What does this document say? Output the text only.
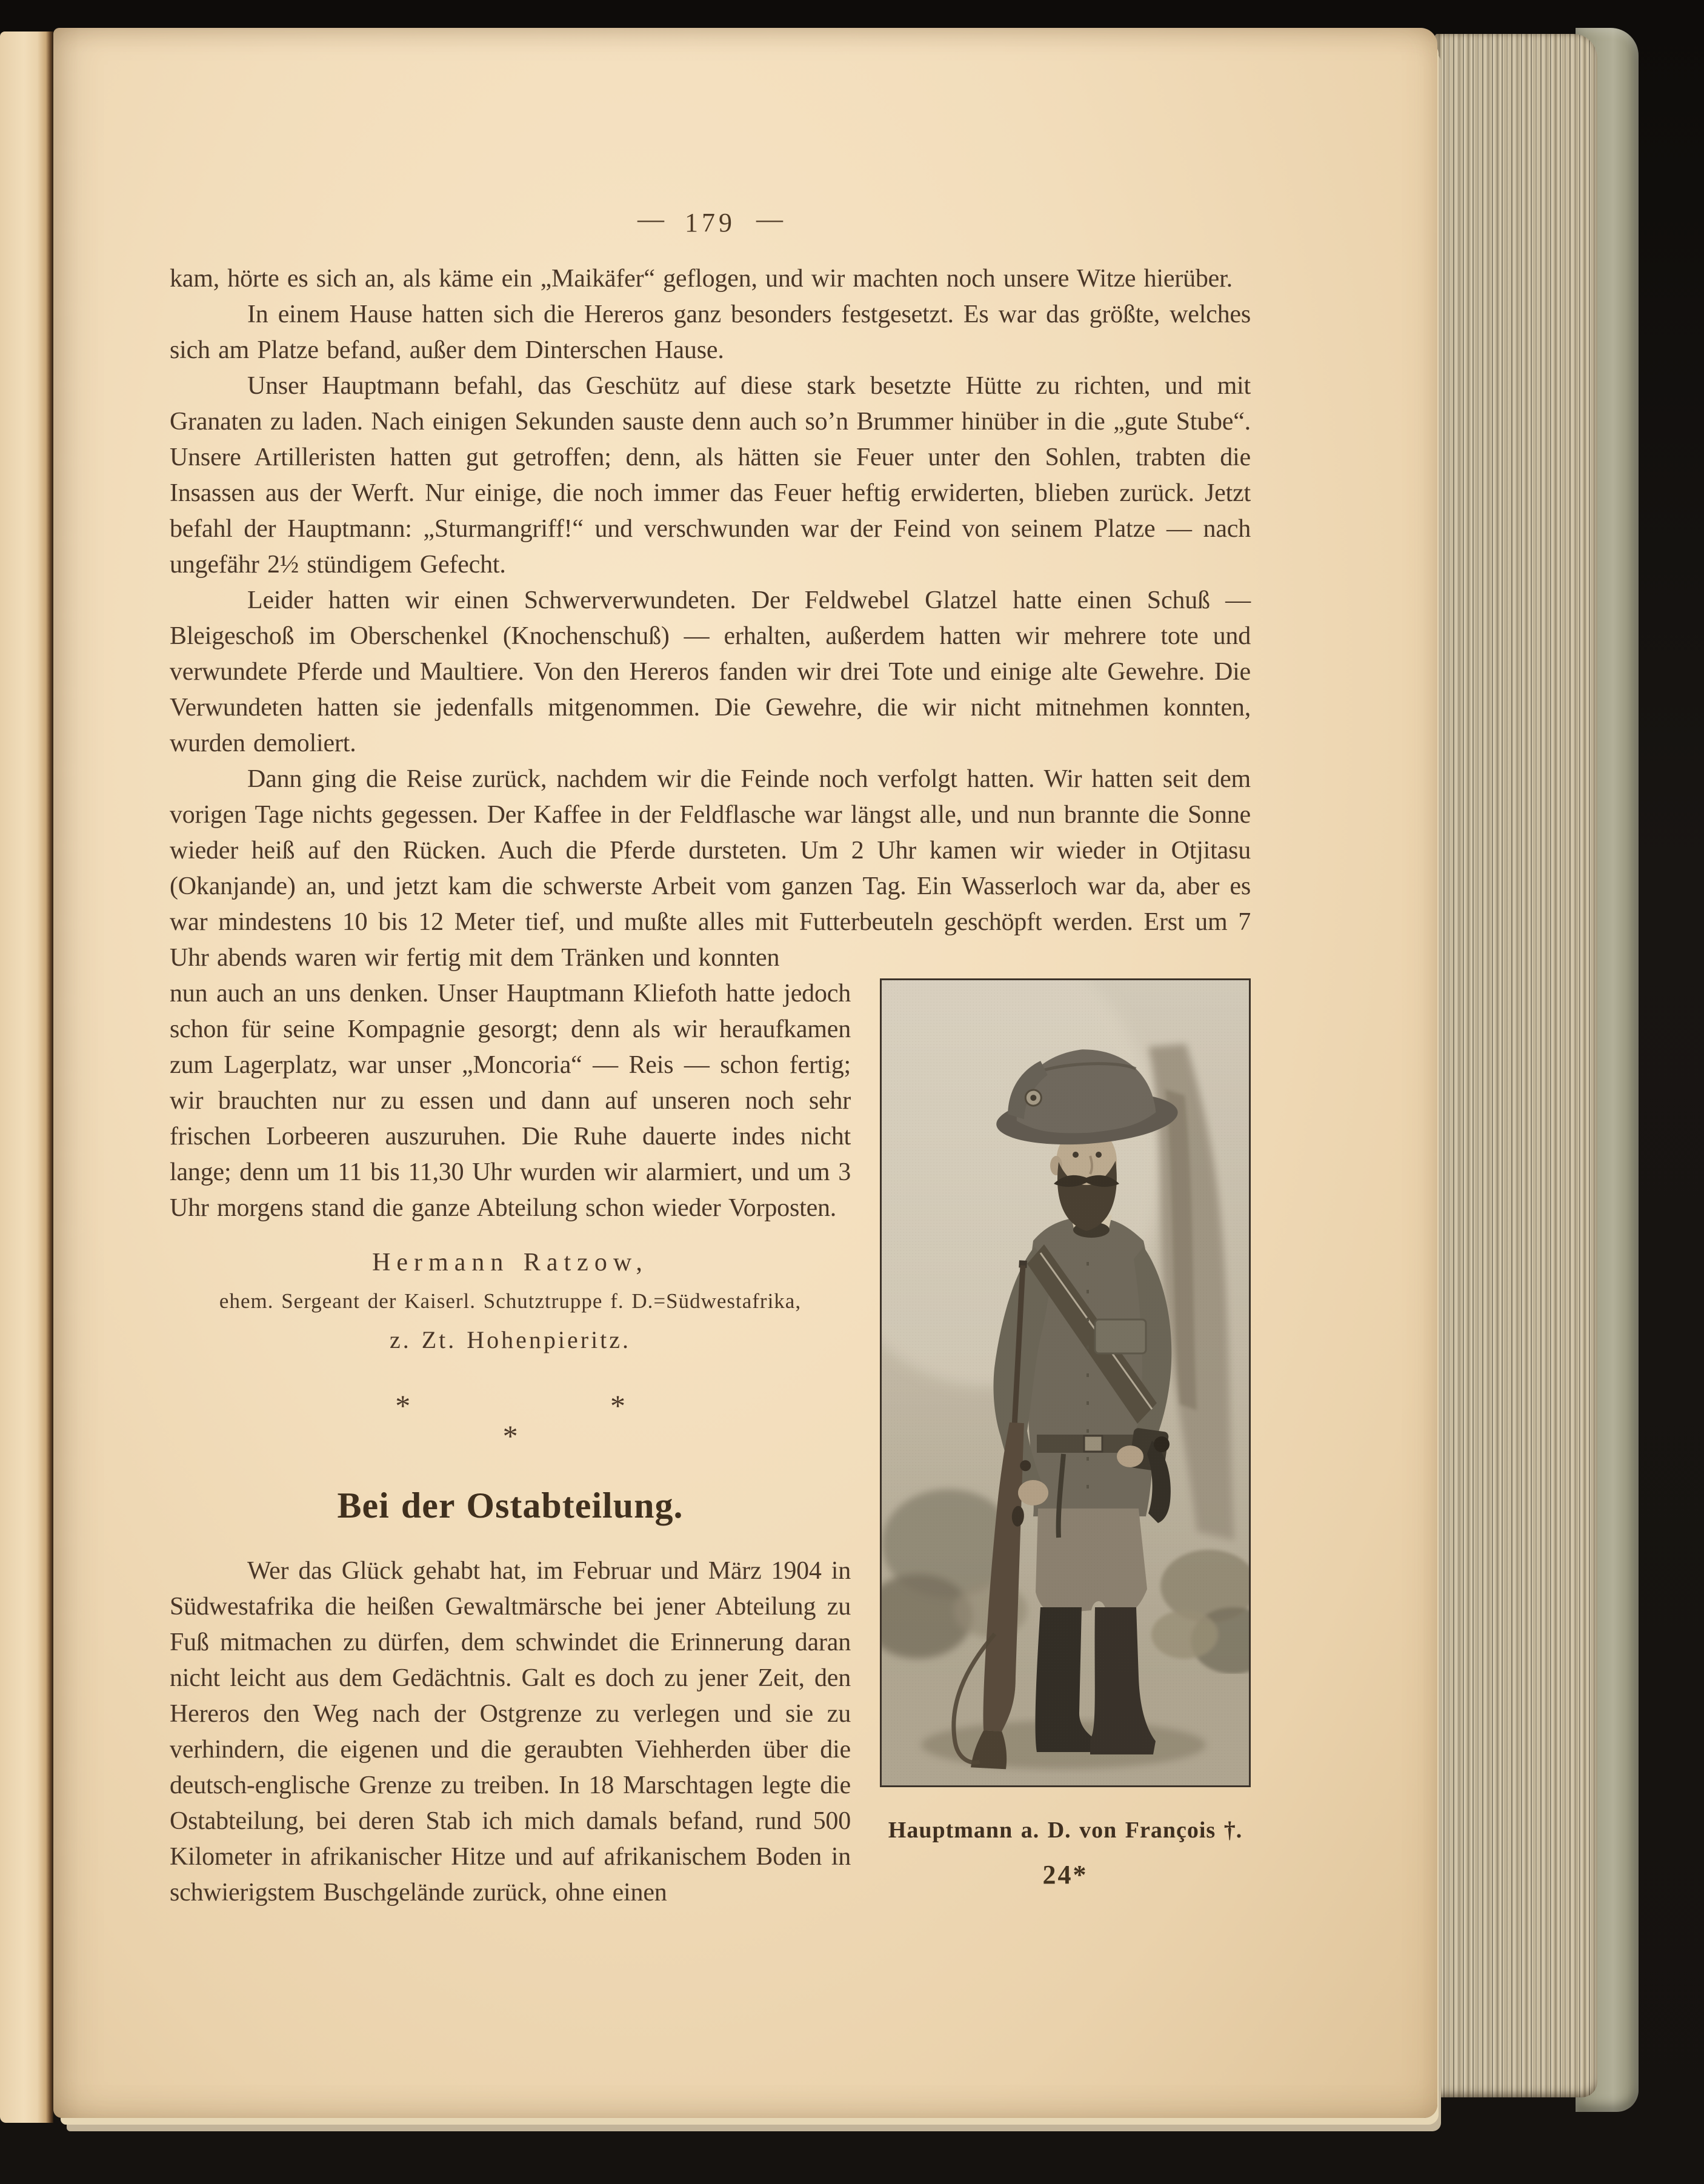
— 179 —

kam, hörte es sich an, als käme ein „Maikäfer“ geflogen, und wir machten noch unsere Witze hierüber.

In einem Hause hatten sich die Hereros ganz besonders festgesetzt. Es war das größte, welches sich am Platze befand, außer dem Dinterschen Hause.

Unser Hauptmann befahl, das Geschütz auf diese stark besetzte Hütte zu richten, und mit Granaten zu laden. Nach einigen Sekunden sauste denn auch so’n Brummer hinüber in die „gute Stube“. Unsere Artilleristen hatten gut getroffen; denn, als hätten sie Feuer unter den Sohlen, trabten die Insassen aus der Werft. Nur einige, die noch immer das Feuer heftig erwiderten, blieben zurück. Jetzt befahl der Hauptmann: „Sturmangriff!“ und verschwunden war der Feind von seinem Platze — nach ungefähr 2½ stündigem Gefecht.

Leider hatten wir einen Schwerverwundeten. Der Feldwebel Glatzel hatte einen Schuß — Bleigeschoß im Oberschenkel (Knochenschuß) — erhalten, außerdem hatten wir mehrere tote und verwundete Pferde und Maultiere. Von den Hereros fanden wir drei Tote und einige alte Gewehre. Die Verwundeten hatten sie jedenfalls mitgenommen. Die Gewehre, die wir nicht mitnehmen konnten, wurden demoliert.

Dann ging die Reise zurück, nachdem wir die Feinde noch verfolgt hatten. Wir hatten seit dem vorigen Tage nichts gegessen. Der Kaffee in der Feldflasche war längst alle, und nun brannte die Sonne wieder heiß auf den Rücken. Auch die Pferde dursteten. Um 2 Uhr kamen wir wieder in Otjitasu (Okanjande) an, und jetzt kam die schwerste Arbeit vom ganzen Tag. Ein Wasserloch war da, aber es war mindestens 10 bis 12 Meter tief, und mußte alles mit Futterbeuteln geschöpft werden. Erst um 7 Uhr abends waren wir fertig mit dem Tränken und konnten

Hauptmann a. D. von François †.
24*
nun auch an uns denken. Unser Hauptmann Kliefoth hatte jedoch schon für seine Kompagnie gesorgt; denn als wir heraufkamen zum Lagerplatz, war unser „Moncoria“ — Reis — schon fertig; wir brauchten nur zu essen und dann auf unseren noch sehr frischen Lorbeeren auszuruhen. Die Ruhe dauerte indes nicht lange; denn um 11 bis 11,30 Uhr wurden wir alarmiert, und um 3 Uhr morgens stand die ganze Abteilung schon wieder Vorposten.

Hermann Ratzow,
ehem. Sergeant der Kaiserl. Schutztruppe f. D.=Südwestafrika,
z. Zt. Hohenpieritz.
*	*
*
Bei der Ostabteilung.

Wer das Glück gehabt hat, im Februar und März 1904 in Südwestafrika die heißen Gewaltmärsche bei jener Abteilung zu Fuß mitmachen zu dürfen, dem schwindet die Erinnerung daran nicht leicht aus dem Gedächtnis. Galt es doch zu jener Zeit, den Hereros den Weg nach der Ostgrenze zu verlegen und sie zu verhindern, die eigenen und die geraubten Viehherden über die deutsch-englische Grenze zu treiben. In 18 Marschtagen legte die Ostabteilung, bei deren Stab ich mich damals befand, rund 500 Kilometer in afrikanischer Hitze und auf afrikanischem Boden in schwierigstem Buschgelände zurück, ohne einen
